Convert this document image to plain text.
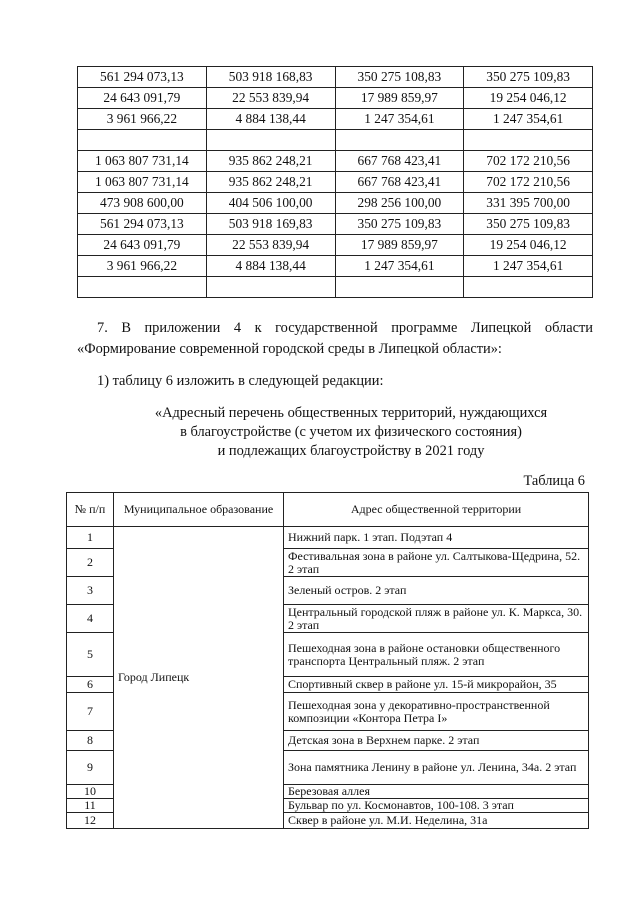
561 294 073,13	503 918 168,83	350 275 108,83	350 275 109,83
24 643 091,79	22 553 839,94	17 989 859,97	19 254 046,12
3 961 966,22	4 884 138,44	1 247 354,61	1 247 354,61

1 063 807 731,14	935 862 248,21	667 768 423,41	702 172 210,56
1 063 807 731,14	935 862 248,21	667 768 423,41	702 172 210,56
473 908 600,00	404 506 100,00	298 256 100,00	331 395 700,00
561 294 073,13	503 918 169,83	350 275 109,83	350 275 109,83
24 643 091,79	22 553 839,94	17 989 859,97	19 254 046,12
3 961 966,22	4 884 138,44	1 247 354,61	1 247 354,61

7. В приложении 4 к государственной программе Липецкой области «Формирование современной городской среды в Липецкой области»:
1) таблицу 6 изложить в следующей редакции:
«Адресный перечень общественных территорий, нуждающихся
в благоустройстве (с учетом их физического состояния)
и подлежащих благоустройству в 2021 году
Таблица 6
№ п/п	Муниципальное образование	Адрес общественной территории
1	Город Липецк	Нижний парк. 1 этап. Подэтап 4
2		Фестивальная зона в районе ул. Салтыкова-Щедрина, 52. 2 этап
3		Зеленый остров. 2 этап
4		Центральный городской пляж в районе ул. К. Маркса, 30. 2 этап
5		Пешеходная зона в районе остановки общественного транспорта Центральный пляж. 2 этап
6		Спортивный сквер в районе ул. 15-й микрорайон, 35
7		Пешеходная зона у декоративно-пространственной композиции «Контора Петра I»
8		Детская зона в Верхнем парке. 2 этап
9		Зона памятника Ленину в районе ул. Ленина, 34а. 2 этап
10		Березовая аллея
11		Бульвар по ул. Космонавтов, 100-108. 3 этап
12		Сквер в районе ул. М.И. Неделина, 31а
